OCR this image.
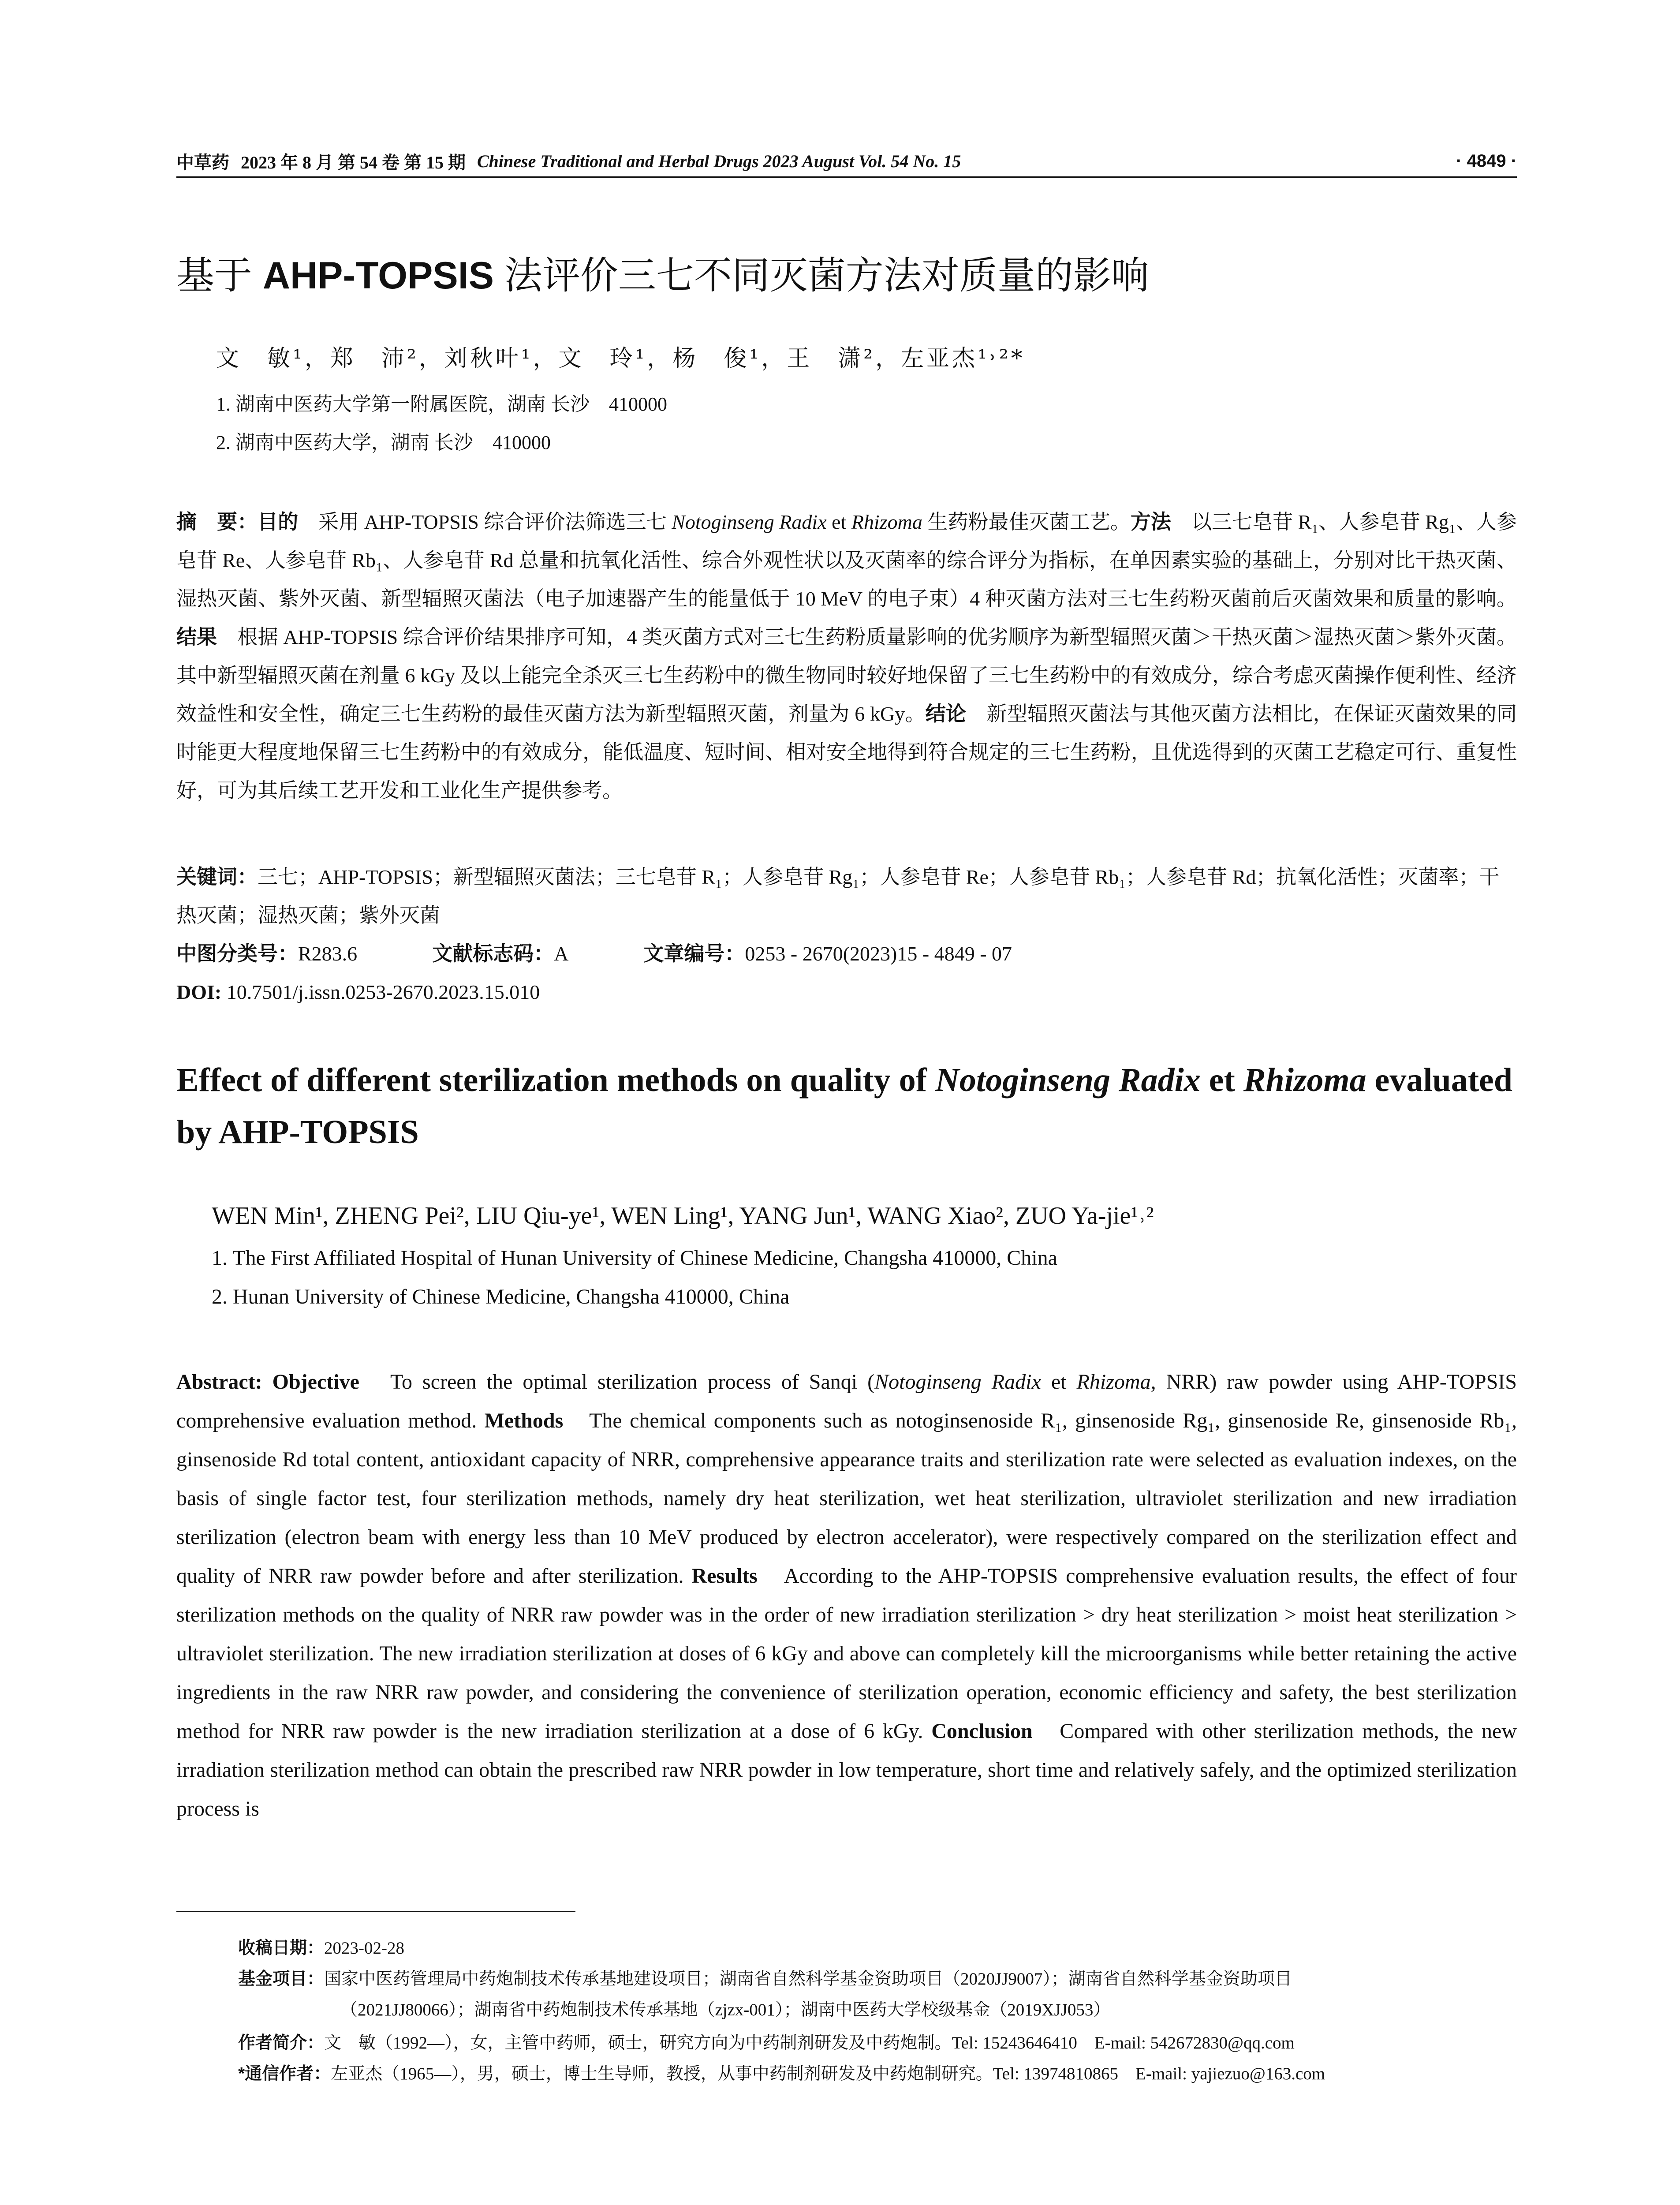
中草药 2023 年 8 月 第 54 卷 第 15 期 Chinese Traditional and Herbal Drugs 2023 August Vol. 54 No. 15	· 4849 ·
基于 AHP-TOPSIS 法评价三七不同灭菌方法对质量的影响
文　敏¹，郑　沛²，刘秋叶¹，文　玲¹，杨　俊¹，王　潇²，左亚杰¹˒²*
1. 湖南中医药大学第一附属医院，湖南 长沙　410000
2. 湖南中医药大学，湖南 长沙　410000
摘　要：目的　采用 AHP-TOPSIS 综合评价法筛选三七 Notoginseng Radix et Rhizoma 生药粉最佳灭菌工艺。方法　以三七皂苷 R₁、人参皂苷 Rg₁、人参皂苷 Re、人参皂苷 Rb₁、人参皂苷 Rd 总量和抗氧化活性、综合外观性状以及灭菌率的综合评分为指标，在单因素实验的基础上，分别对比干热灭菌、湿热灭菌、紫外灭菌、新型辐照灭菌法（电子加速器产生的能量低于 10 MeV 的电子束）4 种灭菌方法对三七生药粉灭菌前后灭菌效果和质量的影响。结果　根据 AHP-TOPSIS 综合评价结果排序可知，4 类灭菌方式对三七生药粉质量影响的优劣顺序为新型辐照灭菌＞干热灭菌＞湿热灭菌＞紫外灭菌。其中新型辐照灭菌在剂量 6 kGy 及以上能完全杀灭三七生药粉中的微生物同时较好地保留了三七生药粉中的有效成分，综合考虑灭菌操作便利性、经济效益性和安全性，确定三七生药粉的最佳灭菌方法为新型辐照灭菌，剂量为 6 kGy。结论　新型辐照灭菌法与其他灭菌方法相比，在保证灭菌效果的同时能更大程度地保留三七生药粉中的有效成分，能低温度、短时间、相对安全地得到符合规定的三七生药粉，且优选得到的灭菌工艺稳定可行、重复性好，可为其后续工艺开发和工业化生产提供参考。
关键词：三七；AHP-TOPSIS；新型辐照灭菌法；三七皂苷 R₁；人参皂苷 Rg₁；人参皂苷 Re；人参皂苷 Rb₁；人参皂苷 Rd；抗氧化活性；灭菌率；干热灭菌；湿热灭菌；紫外灭菌
中图分类号：R283.6	文献标志码：A	文章编号：0253 - 2670(2023)15 - 4849 - 07
DOI: 10.7501/j.issn.0253-2670.2023.15.010
Effect of different sterilization methods on quality of Notoginseng Radix et Rhizoma evaluated by AHP-TOPSIS
WEN Min¹, ZHENG Pei², LIU Qiu-ye¹, WEN Ling¹, YANG Jun¹, WANG Xiao², ZUO Ya-jie¹˒²
1. The First Affiliated Hospital of Hunan University of Chinese Medicine, Changsha 410000, China
2. Hunan University of Chinese Medicine, Changsha 410000, China
Abstract: Objective　To screen the optimal sterilization process of Sanqi (Notoginseng Radix et Rhizoma, NRR) raw powder using AHP-TOPSIS comprehensive evaluation method. Methods　The chemical components such as notoginsenoside R₁, ginsenoside Rg₁, ginsenoside Re, ginsenoside Rb₁, ginsenoside Rd total content, antioxidant capacity of NRR, comprehensive appearance traits and sterilization rate were selected as evaluation indexes, on the basis of single factor test, four sterilization methods, namely dry heat sterilization, wet heat sterilization, ultraviolet sterilization and new irradiation sterilization (electron beam with energy less than 10 MeV produced by electron accelerator), were respectively compared on the sterilization effect and quality of NRR raw powder before and after sterilization. Results　According to the AHP-TOPSIS comprehensive evaluation results, the effect of four sterilization methods on the quality of NRR raw powder was in the order of new irradiation sterilization > dry heat sterilization > moist heat sterilization > ultraviolet sterilization. The new irradiation sterilization at doses of 6 kGy and above can completely kill the microorganisms while better retaining the active ingredients in the raw NRR raw powder, and considering the convenience of sterilization operation, economic efficiency and safety, the best sterilization method for NRR raw powder is the new irradiation sterilization at a dose of 6 kGy. Conclusion　Compared with other sterilization methods, the new irradiation sterilization method can obtain the prescribed raw NRR powder in low temperature, short time and relatively safely, and the optimized sterilization process is
收稿日期：2023-02-28
基金项目：国家中医药管理局中药炮制技术传承基地建设项目；湖南省自然科学基金资助项目（2020JJ9007）；湖南省自然科学基金资助项目
（2021JJ80066）；湖南省中药炮制技术传承基地（zjzx-001）；湖南中医药大学校级基金（2019XJJ053）
作者简介：文　敏（1992—），女，主管中药师，硕士，研究方向为中药制剂研发及中药炮制。Tel: 15243646410　E-mail: 542672830@qq.com
*通信作者：左亚杰（1965—），男，硕士，博士生导师，教授，从事中药制剂研发及中药炮制研究。Tel: 13974810865　E-mail: yajiezuo@163.com
